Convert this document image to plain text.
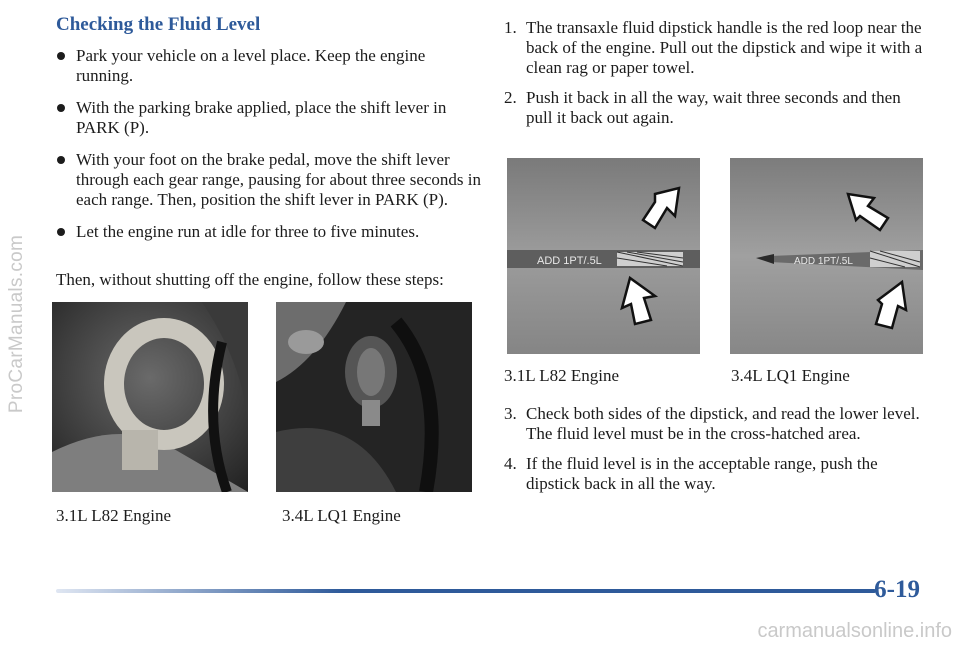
ProCarManuals.com
Checking the Fluid Level
Park your vehicle on a level place. Keep the engine running.
With the parking brake applied, place the shift lever in PARK (P).
With your foot on the brake pedal, move the shift lever through each gear range, pausing for about three seconds in each range. Then, position the shift lever in PARK (P).
Let the engine run at idle for three to five minutes.
Then, without shutting off the engine, follow these steps:
3.1L L82 Engine	3.4L LQ1 Engine
1. The transaxle fluid dipstick handle is the red loop near the back of the engine. Pull out the dipstick and wipe it with a clean rag or paper towel.
2. Push it back in all the way, wait three seconds and then pull it back out again.
ADD 1PT/.5L
3.1L L82 Engine
ADD 1PT/.5L
3.4L LQ1 Engine
3. Check both sides of the dipstick, and read the lower level. The fluid level must be in the cross-hatched area.
4. If the fluid level is in the acceptable range, push the dipstick back in all the way.
6-19
carmanualsonline.info
